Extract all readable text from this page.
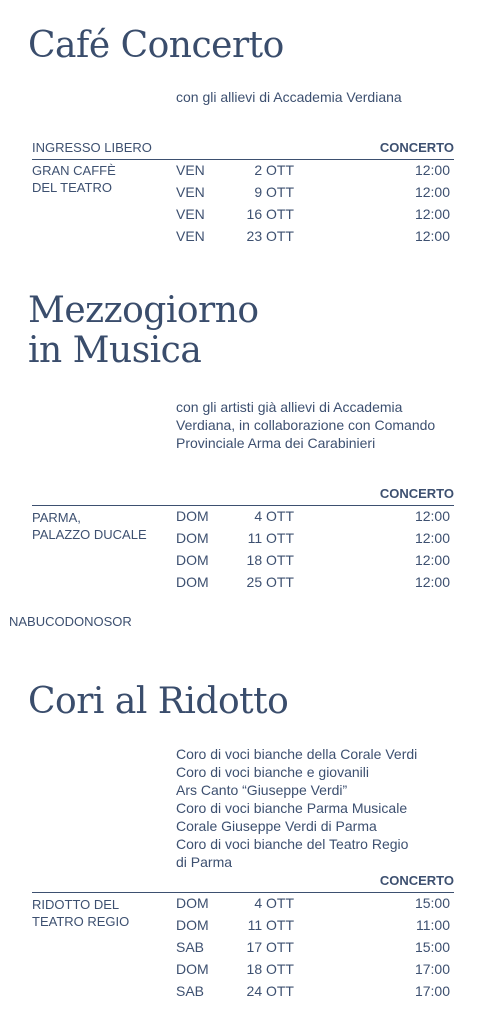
Café Concerto
con gli allievi di Accademia Verdiana
INGRESSO LIBERO	CONCERTO
GRAN CAFFÈ
DEL TEATRO
VEN	2 OTT	12:00
VEN	9 OTT	12:00
VEN	16 OTT	12:00
VEN	23 OTT	12:00
Mezzogiorno
in Musica
con gli artisti già allievi di Accademia
Verdiana, in collaborazione con Comando
Provinciale Arma dei Carabinieri
CONCERTO
PARMA,
PALAZZO DUCALE
DOM	4 OTT	12:00
DOM	11 OTT	12:00
DOM	18 OTT	12:00
DOM	25 OTT	12:00
NABUCODONOSOR
Cori al Ridotto
Coro di voci bianche della Corale Verdi
Coro di voci bianche e giovanili
Ars Canto “Giuseppe Verdi”
Coro di voci bianche Parma Musicale
Corale Giuseppe Verdi di Parma
Coro di voci bianche del Teatro Regio
di Parma
CONCERTO
RIDOTTO DEL
TEATRO REGIO
DOM	4 OTT	15:00
DOM	11 OTT	11:00
SAB	17 OTT	15:00
DOM	18 OTT	17:00
SAB	24 OTT	17:00
